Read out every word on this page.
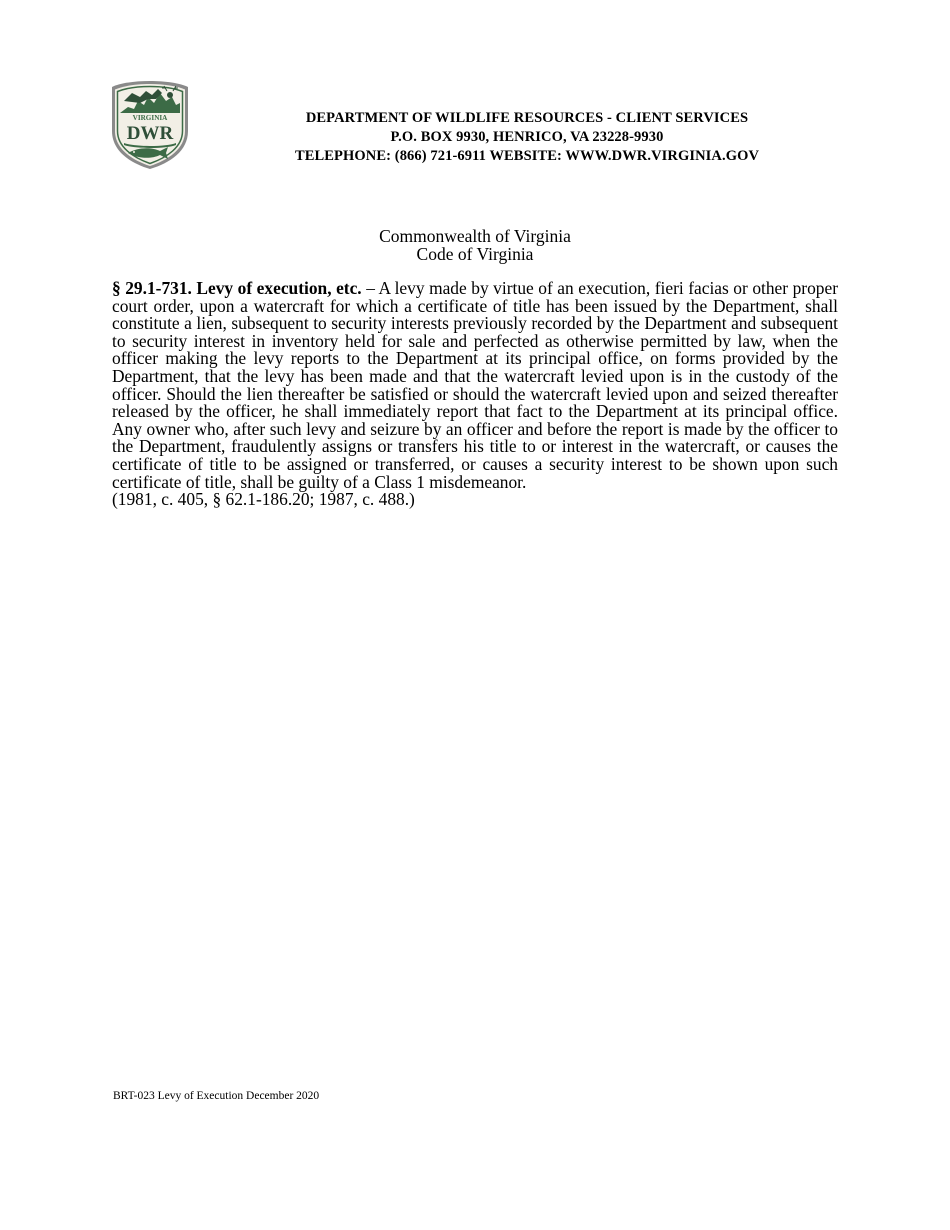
VIRGINIA
DWR
DEPARTMENT OF WILDLIFE RESOURCES - CLIENT SERVICES
P.O. BOX 9930, HENRICO, VA 23228-9930
TELEPHONE: (866) 721-6911 WEBSITE: WWW.DWR.VIRGINIA.GOV
Commonwealth of Virginia
Code of Virginia
§ 29.1-731. Levy of execution, etc. – A levy made by virtue of an execution, fieri facias or other proper court order, upon a watercraft for which a certificate of title has been issued by the Department, shall constitute a lien, subsequent to security interests previously recorded by the Department and subsequent to security interest in inventory held for sale and perfected as otherwise permitted by law, when the officer making the levy reports to the Department at its principal office, on forms provided by the Department, that the levy has been made and that the watercraft levied upon is in the custody of the officer. Should the lien thereafter be satisfied or should the watercraft levied upon and seized thereafter released by the officer, he shall immediately report that fact to the Department at its principal office. Any owner who, after such levy and seizure by an officer and before the report is made by the officer to the Department, fraudulently assigns or transfers his title to or interest in the watercraft, or causes the certificate of title to be assigned or transferred, or causes a security interest to be shown upon such certificate of title, shall be guilty of a Class 1 misdemeanor.
(1981, c. 405, § 62.1-186.20; 1987, c. 488.)
BRT-023 Levy of Execution December 2020
